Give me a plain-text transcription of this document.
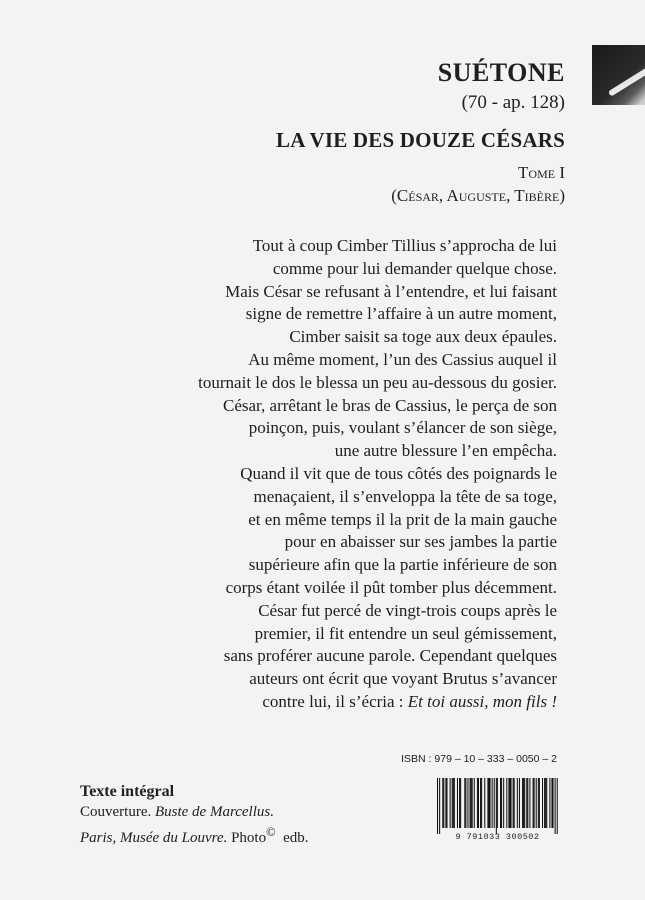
SUÉTONE
(70 - ap. 128)
LA VIE DES DOUZE CÉSARS
Tome I
(César, Auguste, Tibère)
Tout à coup Cimber Tillius s’approcha de lui
comme pour lui demander quelque chose.
Mais César se refusant à l’entendre, et lui faisant
signe de remettre l’affaire à un autre moment,
Cimber saisit sa toge aux deux épaules.
Au même moment, l’un des Cassius auquel il
tournait le dos le blessa un peu au-dessous du gosier.
César, arrêtant le bras de Cassius, le perça de son
poinçon, puis, voulant s’élancer de son siège,
une autre blessure l’en empêcha.
Quand il vit que de tous côtés des poignards le
menaçaient, il s’enveloppa la tête de sa toge,
et en même temps il la prit de la main gauche
pour en abaisser sur ses jambes la partie
supérieure afin que la partie inférieure de son
corps étant voilée il pût tomber plus décemment.
César fut percé de vingt-trois coups après le
premier, il fit entendre un seul gémissement,
sans proférer aucune parole. Cependant quelques
auteurs ont écrit que voyant Brutus s’avancer
contre lui, il s’écria : Et toi aussi, mon fils !
ISBN : 979 – 10 – 333 – 0050 – 2
9 791033 300502
Texte intégral
Couverture. Buste de Marcellus.
Paris, Musée du Louvre. Photo© edb.
